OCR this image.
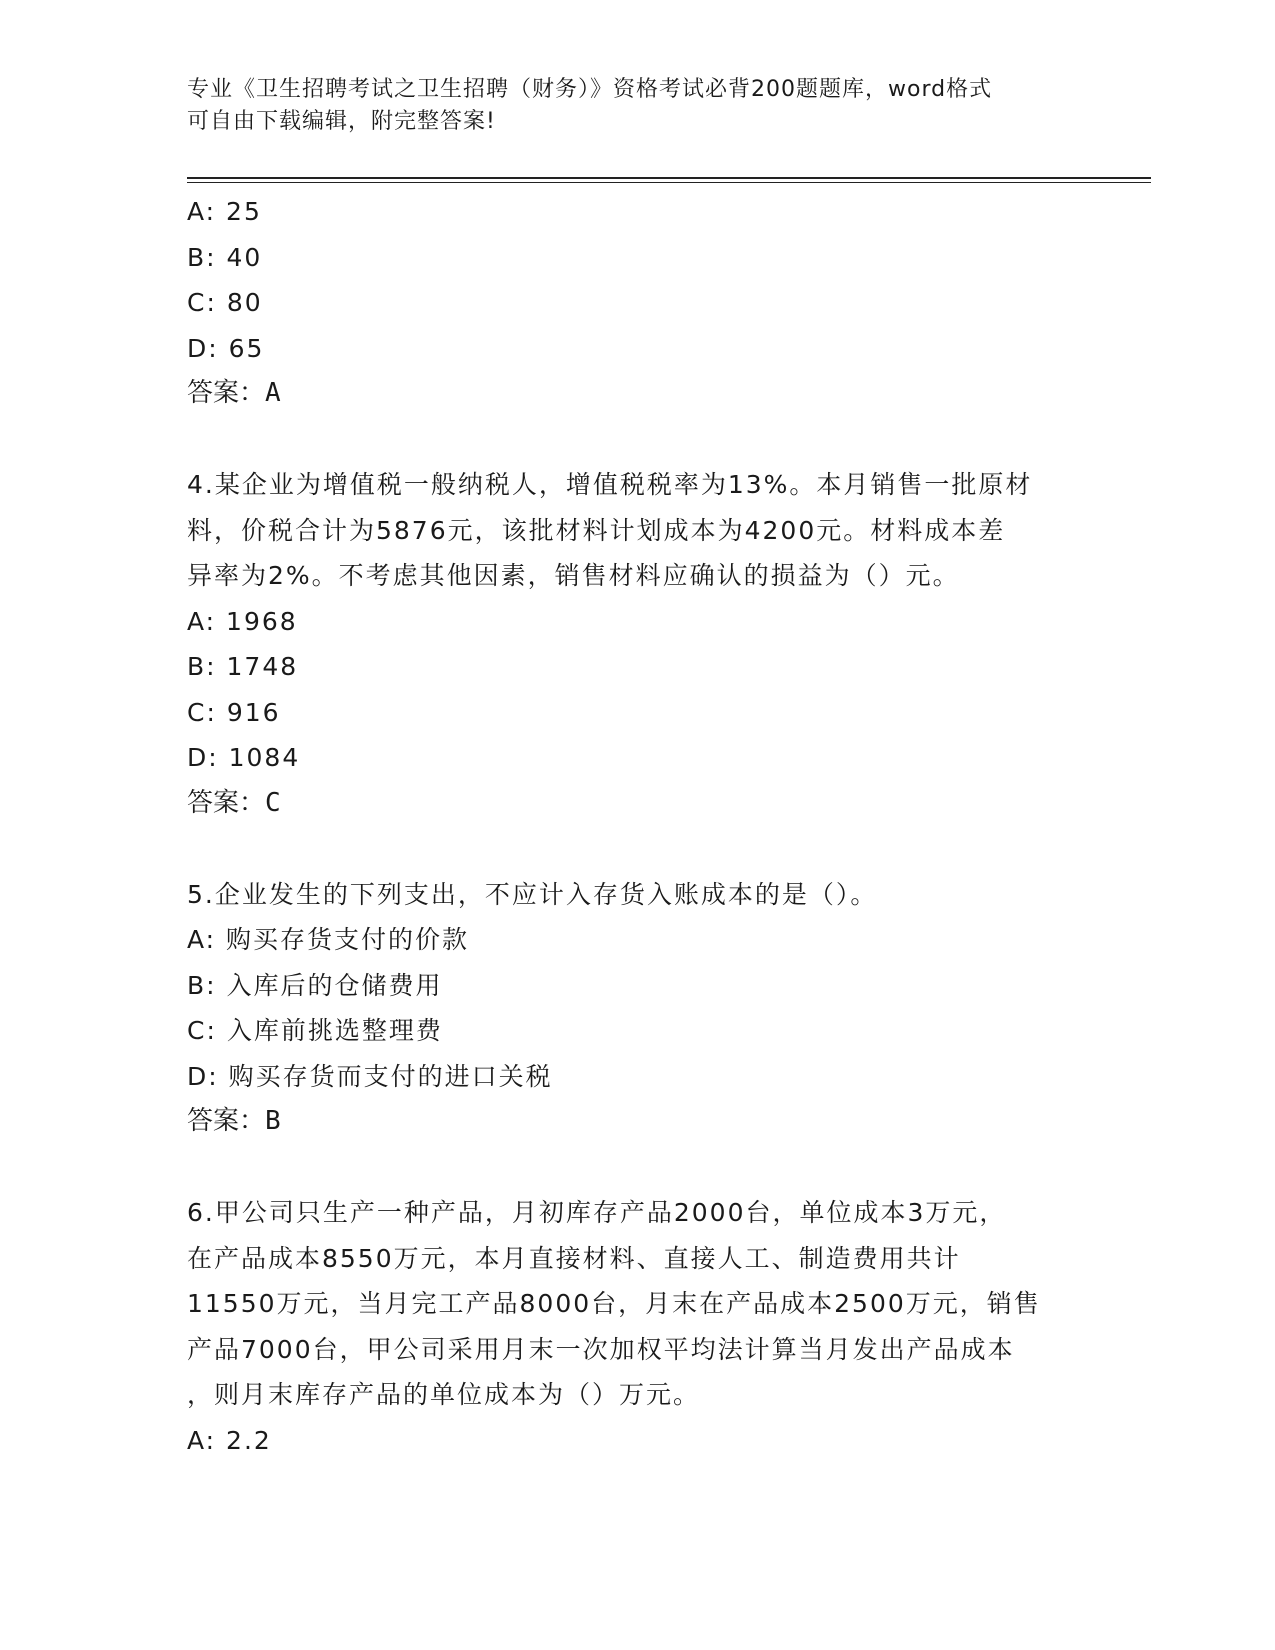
专业《卫生招聘考试之卫生招聘（财务）》资格考试必背200题题库，word格式
可自由下载编辑，附完整答案!
A: 25
B: 40
C: 80
D: 65
答案：A
4.某企业为增值税一般纳税人，增值税税率为13%。本月销售一批原材
料，价税合计为5876元，该批材料计划成本为4200元。材料成本差
异率为2%。不考虑其他因素，销售材料应确认的损益为（）元。
A: 1968
B: 1748
C: 916
D: 1084
答案：C
5.企业发生的下列支出，不应计入存货入账成本的是（）。
A: 购买存货支付的价款
B: 入库后的仓储费用
C: 入库前挑选整理费
D: 购买存货而支付的进口关税
答案：B
6.甲公司只生产一种产品，月初库存产品2000台，单位成本3万元，
在产品成本8550万元，本月直接材料、直接人工、制造费用共计
11550万元，当月完工产品8000台，月末在产品成本2500万元，销售
产品7000台，甲公司采用月末一次加权平均法计算当月发出产品成本
，则月末库存产品的单位成本为（）万元。
A: 2.2
